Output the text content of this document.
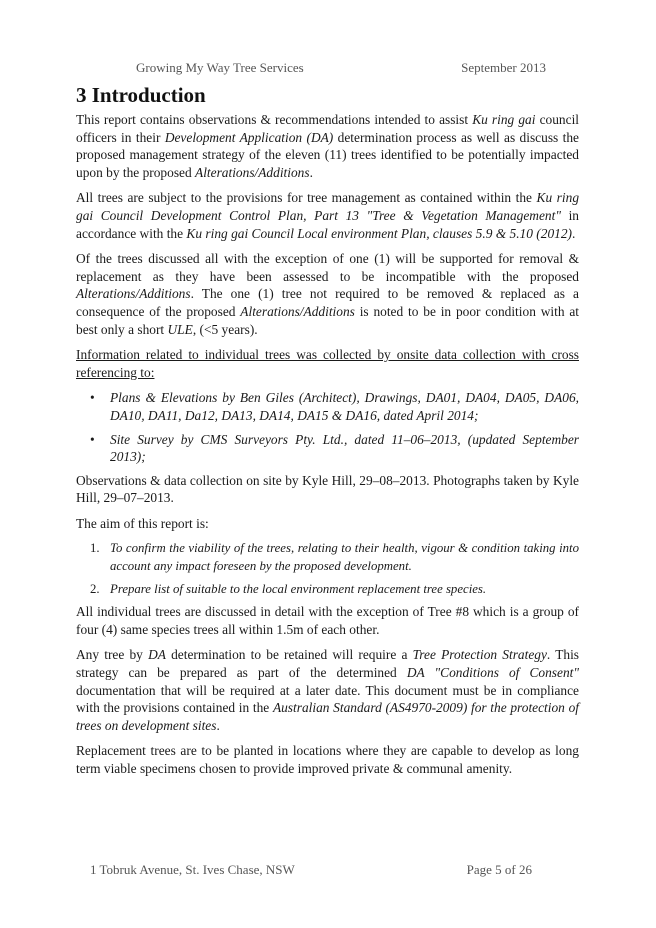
Growing My Way Tree Services	September 2013
3 Introduction

This report contains observations & recommendations intended to assist Ku ring gai council officers in their Development Application (DA) determination process as well as discuss the proposed management strategy of the eleven (11) trees identified to be potentially impacted upon by the proposed Alterations/Additions.

All trees are subject to the provisions for tree management as contained within the Ku ring gai Council Development Control Plan, Part 13 "Tree & Vegetation Management" in accordance with the Ku ring gai Council Local environment Plan, clauses 5.9 & 5.10 (2012).

Of the trees discussed all with the exception of one (1) will be supported for removal & replacement as they have been assessed to be incompatible with the proposed Alterations/Additions. The one (1) tree not required to be removed & replaced as a consequence of the proposed Alterations/Additions is noted to be in poor condition with at best only a short ULE, (<5 years).

Information related to individual trees was collected by onsite data collection with cross referencing to:

• Plans & Elevations by Ben Giles (Architect), Drawings, DA01, DA04, DA05, DA06, DA10, DA11, Da12, DA13, DA14, DA15 & DA16, dated April 2014;
• Site Survey by CMS Surveyors Pty. Ltd., dated 11–06–2013, (updated September 2013);

Observations & data collection on site by Kyle Hill, 29–08–2013. Photographs taken by Kyle Hill, 29–07–2013.

The aim of this report is:

1. To confirm the viability of the trees, relating to their health, vigour & condition taking into account any impact foreseen by the proposed development.
2. Prepare list of suitable to the local environment replacement tree species.

All individual trees are discussed in detail with the exception of Tree #8 which is a group of four (4) same species trees all within 1.5m of each other.

Any tree by DA determination to be retained will require a Tree Protection Strategy. This strategy can be prepared as part of the determined DA "Conditions of Consent" documentation that will be required at a later date. This document must be in compliance with the provisions contained in the Australian Standard (AS4970-2009) for the protection of trees on development sites.

Replacement trees are to be planted in locations where they are capable to develop as long term viable specimens chosen to provide improved private & communal amenity.

1 Tobruk Avenue, St. Ives Chase, NSW	Page 5 of 26
